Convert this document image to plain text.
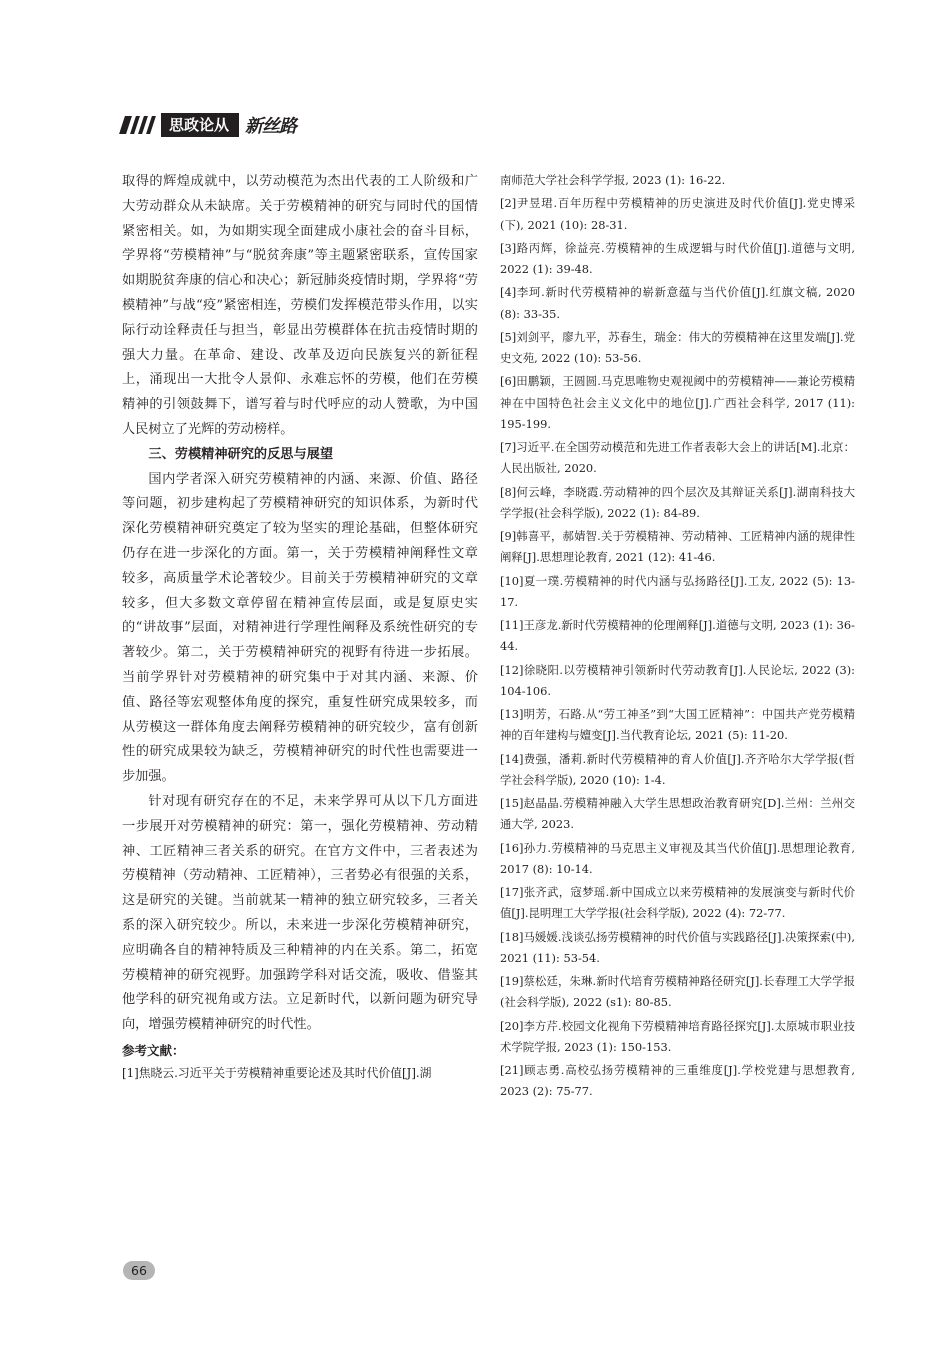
思政论从 新丝路

取得的辉煌成就中，以劳动模范为杰出代表的工人阶级和广大劳动群众从未缺席。关于劳模精神的研究与同时代的国情紧密相关。如，为如期实现全面建成小康社会的奋斗目标，学界将“劳模精神”与“脱贫奔康”等主题紧密联系，宣传国家如期脱贫奔康的信心和决心；新冠肺炎疫情时期，学界将“劳模精神”与战“疫”紧密相连，劳模们发挥模范带头作用，以实际行动诠释责任与担当，彰显出劳模群体在抗击疫情时期的强大力量。在革命、建设、改革及迈向民族复兴的新征程上，涌现出一大批令人景仰、永难忘怀的劳模，他们在劳模精神的引领鼓舞下，谱写着与时代呼应的动人赞歌，为中国人民树立了光辉的劳动榜样。

三、劳模精神研究的反思与展望

国内学者深入研究劳模精神的内涵、来源、价值、路径等问题，初步建构起了劳模精神研究的知识体系，为新时代深化劳模精神研究奠定了较为坚实的理论基础，但整体研究仍存在进一步深化的方面。第一，关于劳模精神阐释性文章较多，高质量学术论著较少。目前关于劳模精神研究的文章较多，但大多数文章停留在精神宣传层面，或是复原史实的“讲故事”层面，对精神进行学理性阐释及系统性研究的专著较少。第二，关于劳模精神研究的视野有待进一步拓展。当前学界针对劳模精神的研究集中于对其内涵、来源、价值、路径等宏观整体角度的探究，重复性研究成果较多，而从劳模这一群体角度去阐释劳模精神的研究较少，富有创新性的研究成果较为缺乏，劳模精神研究的时代性也需要进一步加强。

针对现有研究存在的不足，未来学界可从以下几方面进一步展开对劳模精神的研究：第一，强化劳模精神、劳动精神、工匠精神三者关系的研究。在官方文件中，三者表述为劳模精神（劳动精神、工匠精神），三者势必有很强的关系，这是研究的关键。当前就某一精神的独立研究较多，三者关系的深入研究较少。所以，未来进一步深化劳模精神研究，应明确各自的精神特质及三种精神的内在关系。第二，拓宽劳模精神的研究视野。加强跨学科对话交流，吸收、借鉴其他学科的研究视角或方法。立足新时代，以新问题为研究导向，增强劳模精神研究的时代性。

参考文献：
[1]焦晓云.习近平关于劳模精神重要论述及其时代价值[J].湖

南师范大学社会科学学报, 2023 (1): 16-22.

[2]尹昱珺.百年历程中劳模精神的历史演进及时代价值[J].党史博采(下), 2021 (10): 28-31.

[3]路丙辉，徐益亮.劳模精神的生成逻辑与时代价值[J].道德与文明, 2022 (1): 39-48.

[4]李珂.新时代劳模精神的崭新意蕴与当代价值[J].红旗文稿, 2020 (8): 33-35.

[5]刘剑平，廖九平，苏春生，瑞金：伟大的劳模精神在这里发端[J].党史文苑, 2022 (10): 53-56.

[6]田鹏颖，王圆圆.马克思唯物史观视阈中的劳模精神——兼论劳模精神在中国特色社会主义文化中的地位[J].广西社会科学, 2017 (11): 195-199.

[7]习近平.在全国劳动模范和先进工作者表彰大会上的讲话[M].北京：人民出版社, 2020.

[8]何云峰，李晓霞.劳动精神的四个层次及其辩证关系[J].湖南科技大学学报(社会科学版), 2022 (1): 84-89.

[9]韩喜平，郝婧智.关于劳模精神、劳动精神、工匠精神内涵的规律性阐释[J].思想理论教育, 2021 (12): 41-46.

[10]夏一璞.劳模精神的时代内涵与弘扬路径[J].工友, 2022 (5): 13-17.

[11]王彦龙.新时代劳模精神的伦理阐释[J].道德与文明, 2023 (1): 36-44.

[12]徐晓阳.以劳模精神引领新时代劳动教育[J].人民论坛, 2022 (3): 104-106.

[13]明芳，石路.从“劳工神圣”到“大国工匠精神”：中国共产党劳模精神的百年建构与嬗变[J].当代教育论坛, 2021 (5): 11-20.

[14]费强，潘莉.新时代劳模精神的育人价值[J].齐齐哈尔大学学报(哲学社会科学版), 2020 (10): 1-4.

[15]赵晶晶.劳模精神融入大学生思想政治教育研究[D].兰州：兰州交通大学, 2023.

[16]孙力.劳模精神的马克思主义审视及其当代价值[J].思想理论教育, 2017 (8): 10-14.

[17]张齐武，寇梦瑶.新中国成立以来劳模精神的发展演变与新时代价值[J].昆明理工大学学报(社会科学版), 2022 (4): 72-77.

[18]马媛媛.浅谈弘扬劳模精神的时代价值与实践路径[J].决策探索(中), 2021 (11): 53-54.

[19]蔡松廷，朱琳.新时代培育劳模精神路径研究[J].长春理工大学学报(社会科学版), 2022 (s1): 80-85.

[20]李方芹.校园文化视角下劳模精神培育路径探究[J].太原城市职业技术学院学报, 2023 (1): 150-153.

[21]顾志勇.高校弘扬劳模精神的三重维度[J].学校党建与思想教育, 2023 (2): 75-77.

66
